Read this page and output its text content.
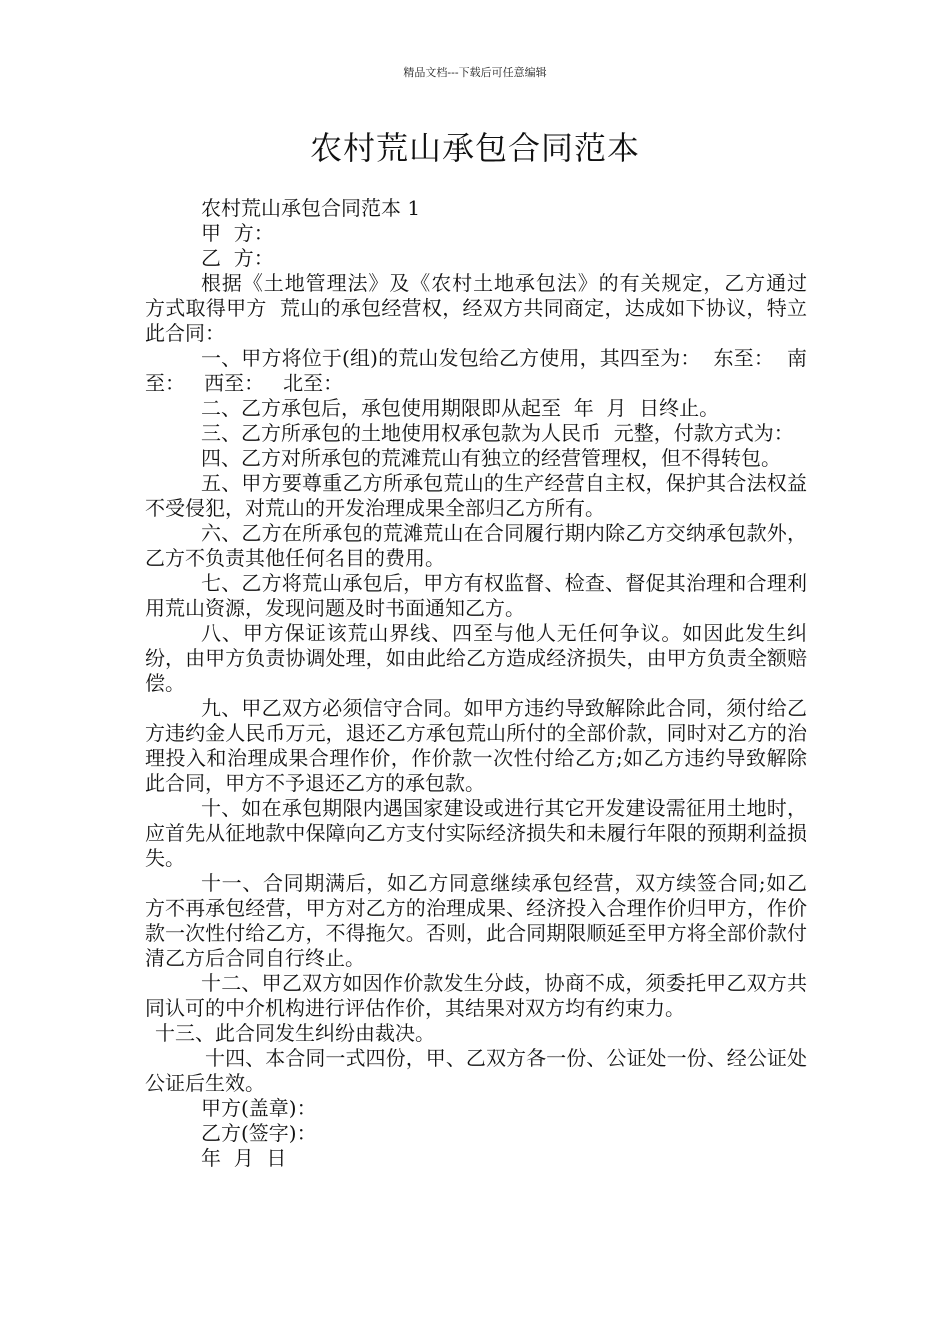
精品文档---下载后可任意编辑
农村荒山承包合同范本

农村荒山承包合同范本 1

甲  方：

乙  方：

根据《土地管理法》及《农村土地承包法》的有关规定，乙方通过  方式取得甲方  荒山的承包经营权，经双方共同商定，达成如下协议，特立此合同：

一、甲方将位于(组)的荒山发包给乙方使用，其四至为：  东至：  南至：   西至：   北至：

二、乙方承包后，承包使用期限即从起至  年  月  日终止。

三、乙方所承包的土地使用权承包款为人民币  元整，付款方式为：

四、乙方对所承包的荒滩荒山有独立的经营管理权，但不得转包。

五、甲方要尊重乙方所承包荒山的生产经营自主权，保护其合法权益不受侵犯，对荒山的开发治理成果全部归乙方所有。

六、乙方在所承包的荒滩荒山在合同履行期内除乙方交纳承包款外，乙方不负责其他任何名目的费用。

七、乙方将荒山承包后，甲方有权监督、检查、督促其治理和合理利用荒山资源，发现问题及时书面通知乙方。

八、甲方保证该荒山界线、四至与他人无任何争议。如因此发生纠纷，由甲方负责协调处理，如由此给乙方造成经济损失，由甲方负责全额赔偿。

九、甲乙双方必须信守合同。如甲方违约导致解除此合同，须付给乙方违约金人民币万元，退还乙方承包荒山所付的全部价款，同时对乙方的治理投入和治理成果合理作价，作价款一次性付给乙方;如乙方违约导致解除此合同，甲方不予退还乙方的承包款。

十、如在承包期限内遇国家建设或进行其它开发建设需征用土地时，应首先从征地款中保障向乙方支付实际经济损失和未履行年限的预期利益损失。

十一、合同期满后，如乙方同意继续承包经营，双方续签合同;如乙方不再承包经营，甲方对乙方的治理成果、经济投入合理作价归甲方，作价款一次性付给乙方，不得拖欠。否则，此合同期限顺延至甲方将全部价款付清乙方后合同自行终止。

十二、甲乙双方如因作价款发生分歧，协商不成，须委托甲乙双方共同认可的中介机构进行评估作价，其结果对双方均有约束力。

十三、此合同发生纠纷由裁决。

十四、本合同一式四份，甲、乙双方各一份、公证处一份、经公证处公证后生效。

甲方(盖章)：

乙方(签字)：

年  月  日
